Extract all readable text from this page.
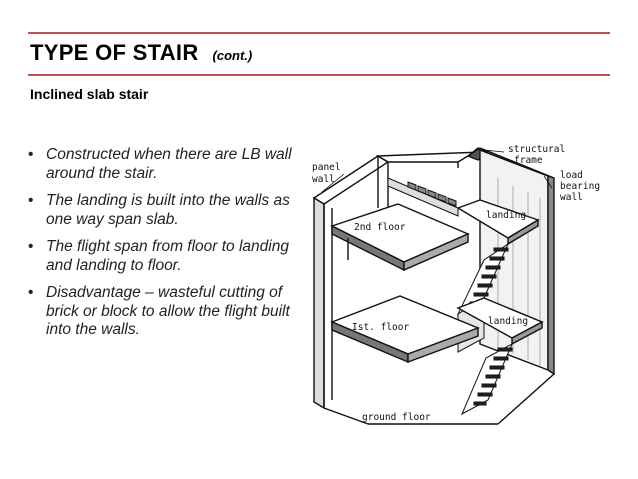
TYPE OF STAIR (cont.)
Inclined slab stair
• Constructed when there are LB wall around the stair.
• The landing is built into the walls as one way span slab.
• The flight span from floor to landing and landing to floor.
• Disadvantage – wasteful cutting of brick or block to allow the flight built into the walls.
panel
wall
structural
frame
load
bearing
wall
2nd floor
landing
Ist. floor
landing
ground floor
